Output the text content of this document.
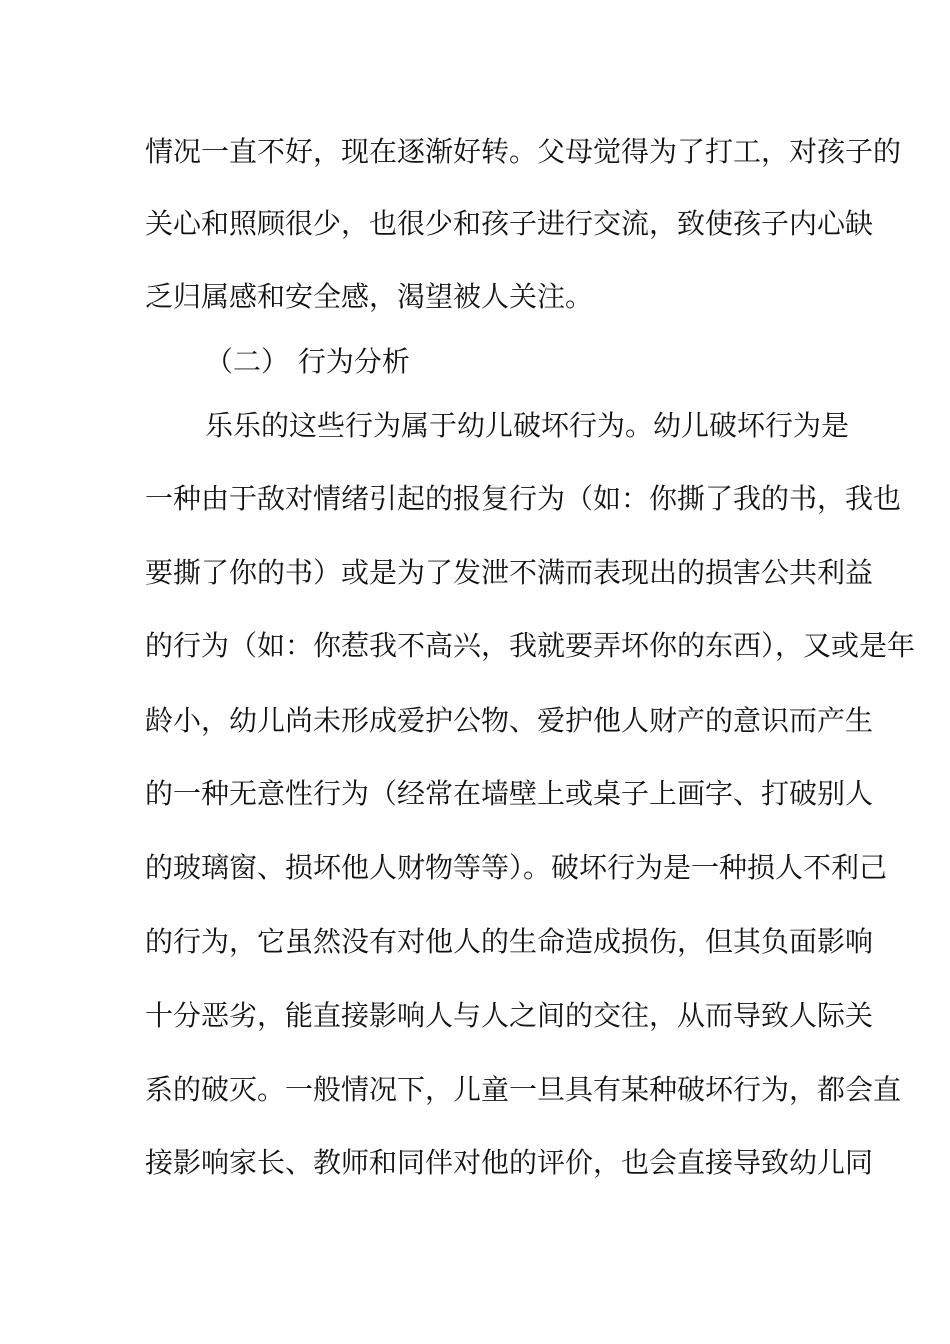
情况一直不好，现在逐渐好转。父母觉得为了打工，对孩子的
关心和照顾很少，也很少和孩子进行交流，致使孩子内心缺
乏归属感和安全感，渴望被人关注。
（二） 行为分析
乐乐的这些行为属于幼儿破坏行为。幼儿破坏行为是
一种由于敌对情绪引起的报复行为（如：你撕了我的书，我也
要撕了你的书）或是为了发泄不满而表现出的损害公共利益
的行为（如：你惹我不高兴，我就要弄坏你的东西），又或是年
龄小，幼儿尚未形成爱护公物、爱护他人财产的意识而产生
的一种无意性行为（经常在墙壁上或桌子上画字、打破别人
的玻璃窗、损坏他人财物等等）。破坏行为是一种损人不利己
的行为，它虽然没有对他人的生命造成损伤，但其负面影响
十分恶劣，能直接影响人与人之间的交往，从而导致人际关
系的破灭。一般情况下，儿童一旦具有某种破坏行为，都会直
接影响家长、教师和同伴对他的评价，也会直接导致幼儿同
